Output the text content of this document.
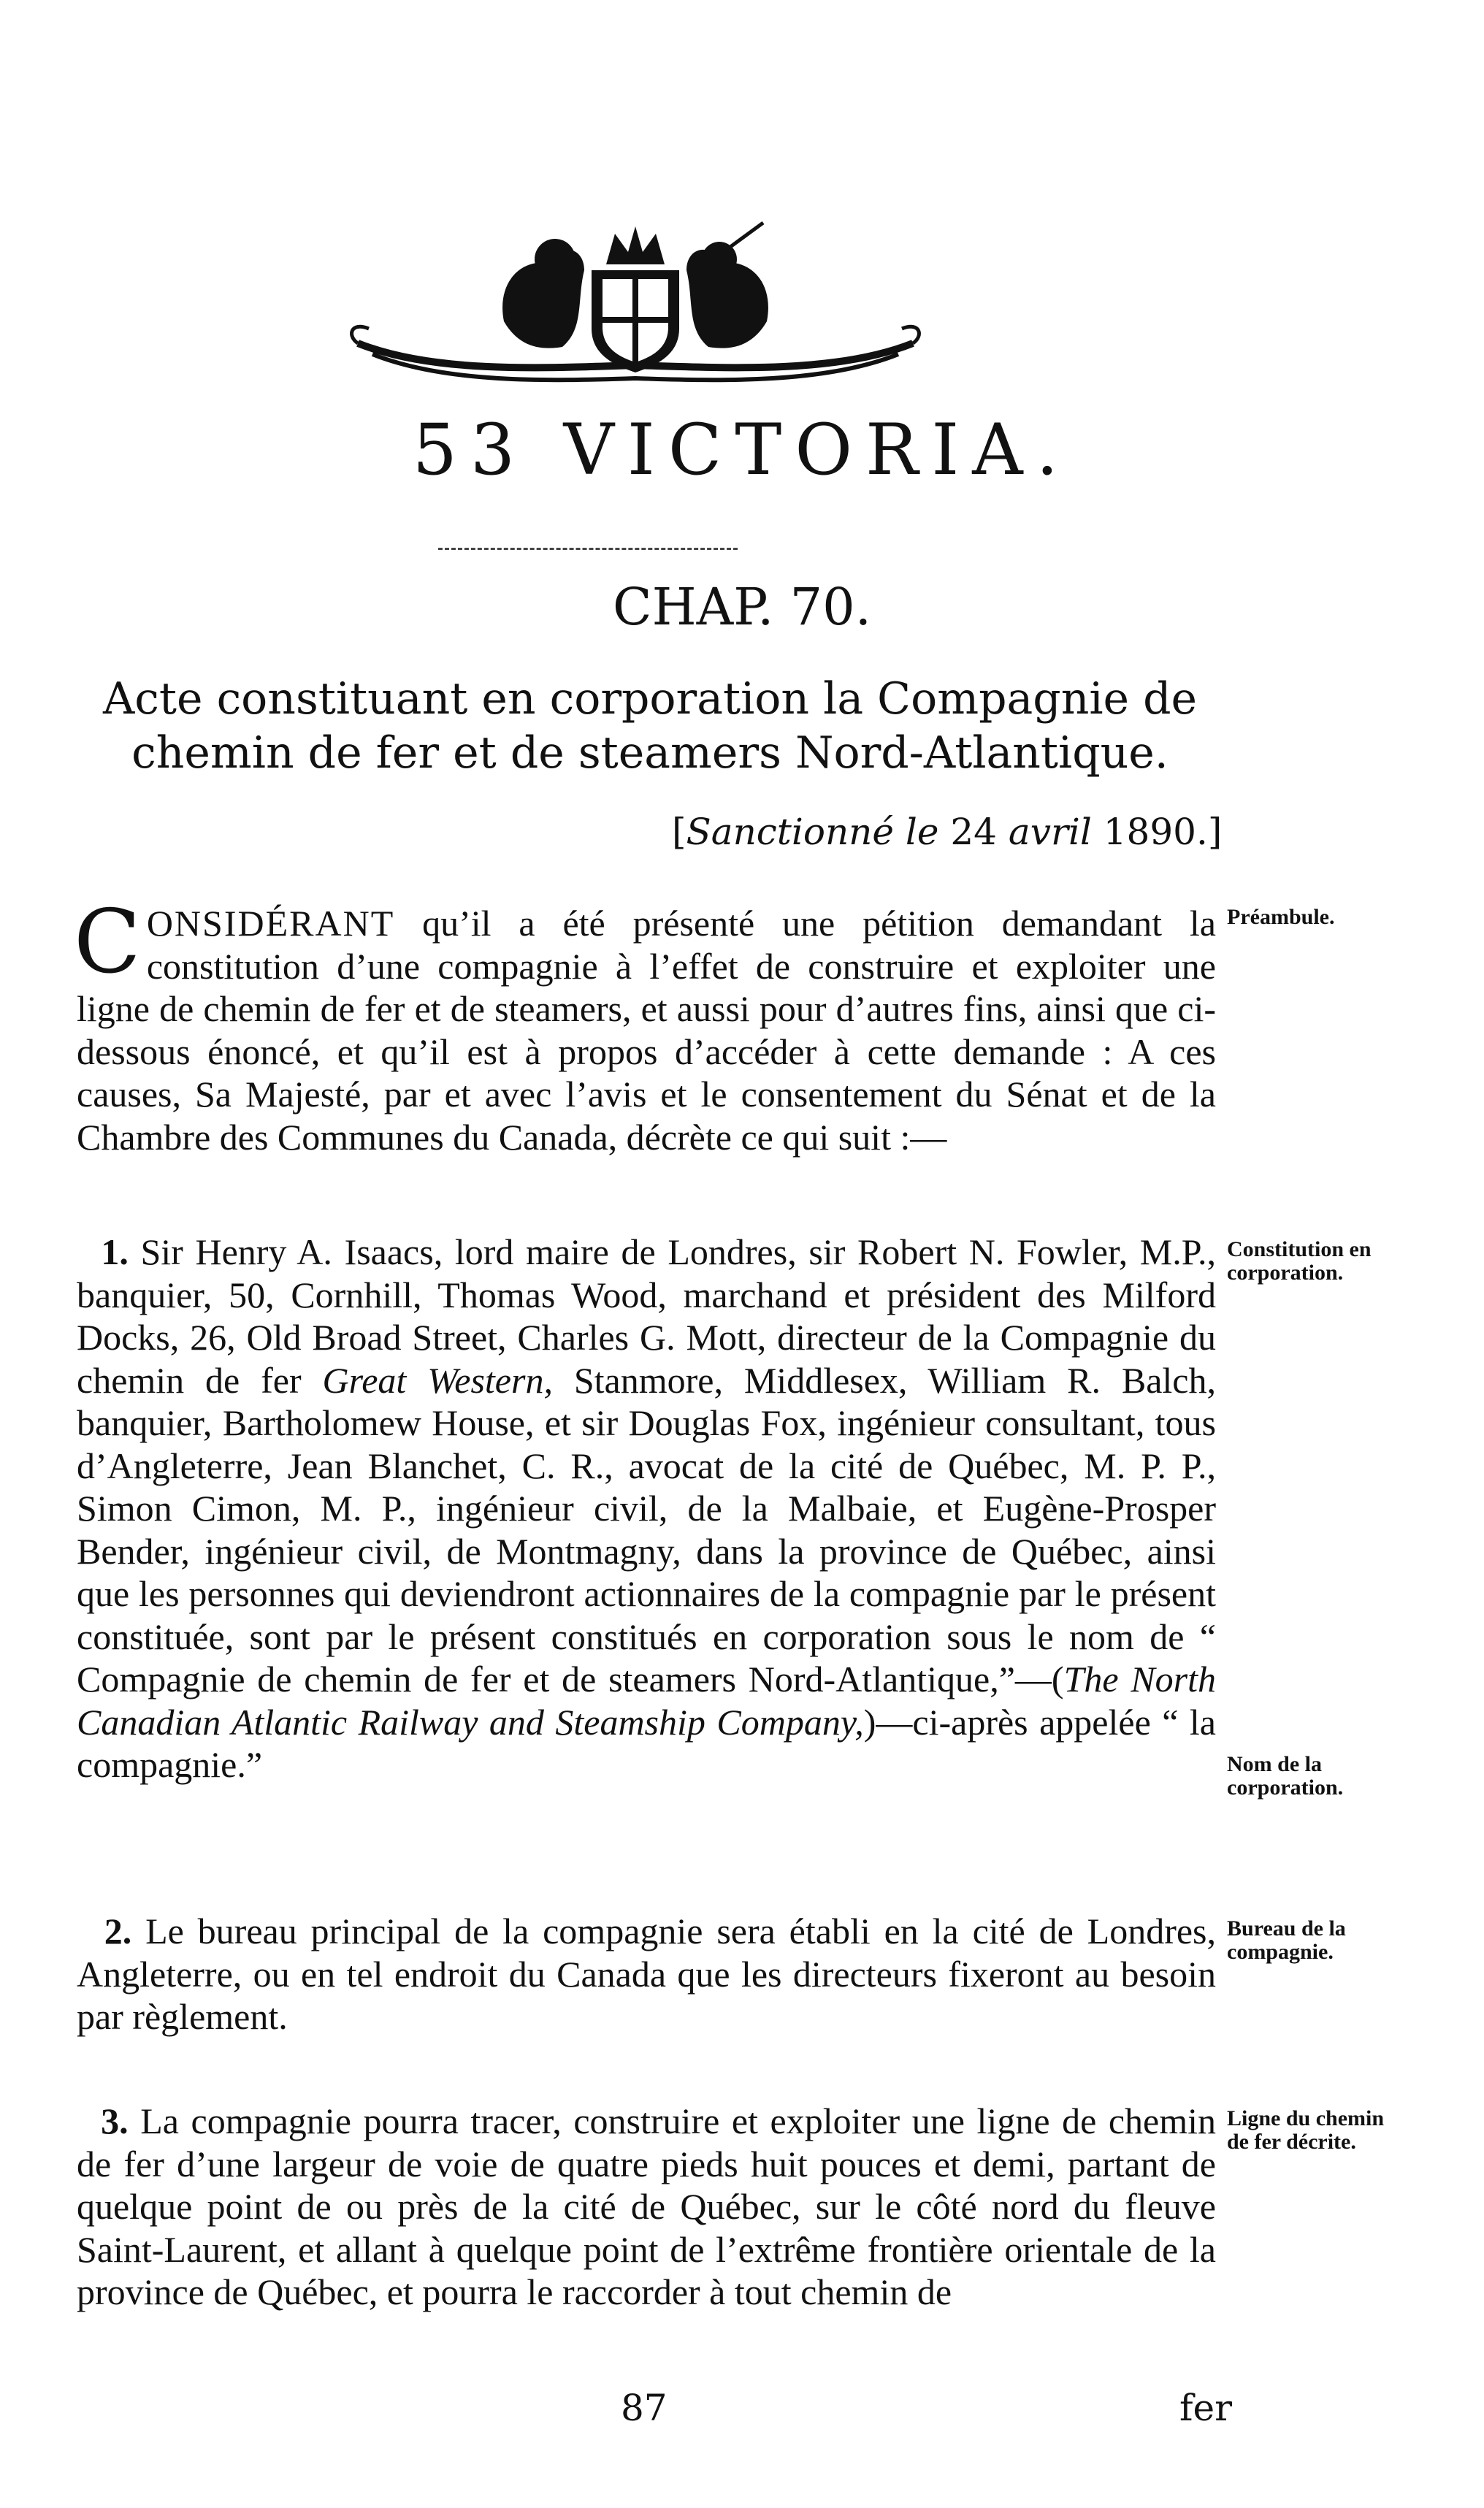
53 VICTORIA.
CHAP. 70.
Acte constituant en corporation la Compagnie de chemin de fer et de steamers Nord-Atlantique.
[Sanctionné le 24 avril 1890.]

CONSIDÉRANT qu’il a été présenté une pétition demandant la constitution d’une compagnie à l’effet de construire et exploiter une ligne de chemin de fer et de steamers, et aussi pour d’autres fins, ainsi que ci-dessous énoncé, et qu’il est à propos d’accéder à cette demande : A ces causes, Sa Majesté, par et avec l’avis et le consentement du Sénat et de la Chambre des Communes du Canada, décrète ce qui suit :—

1. Sir Henry A. Isaacs, lord maire de Londres, sir Robert N. Fowler, M.P., banquier, 50, Cornhill, Thomas Wood, marchand et président des Milford Docks, 26, Old Broad Street, Charles G. Mott, directeur de la Compagnie du chemin de fer Great Western, Stanmore, Middlesex, William R. Balch, banquier, Bartholomew House, et sir Douglas Fox, ingénieur consultant, tous d’Angleterre, Jean Blanchet, C. R., avocat de la cité de Québec, M. P. P., Simon Cimon, M. P., ingénieur civil, de la Malbaie, et Eugène-Prosper Bender, ingénieur civil, de Montmagny, dans la province de Québec, ainsi que les personnes qui deviendront actionnaires de la compagnie par le présent constituée, sont par le présent constitués en corporation sous le nom de “ Compagnie de chemin de fer et de steamers Nord-Atlantique,”—(The North Canadian Atlantic Railway and Steamship Company,)—ci-après appelée “ la compagnie.”

2. Le bureau principal de la compagnie sera établi en la cité de Londres, Angleterre, ou en tel endroit du Canada que les directeurs fixeront au besoin par règlement.

3. La compagnie pourra tracer, construire et exploiter une ligne de chemin de fer d’une largeur de voie de quatre pieds huit pouces et demi, partant de quelque point de ou près de la cité de Québec, sur le côté nord du fleuve Saint-Laurent, et allant à quelque point de l’extrême frontière orientale de la province de Québec, et pourra le raccorder à tout chemin de

Préambule.
Constitution en corporation.
Nom de la corporation.
Bureau de la compagnie.
Ligne du chemin de fer décrite.
87	fer
